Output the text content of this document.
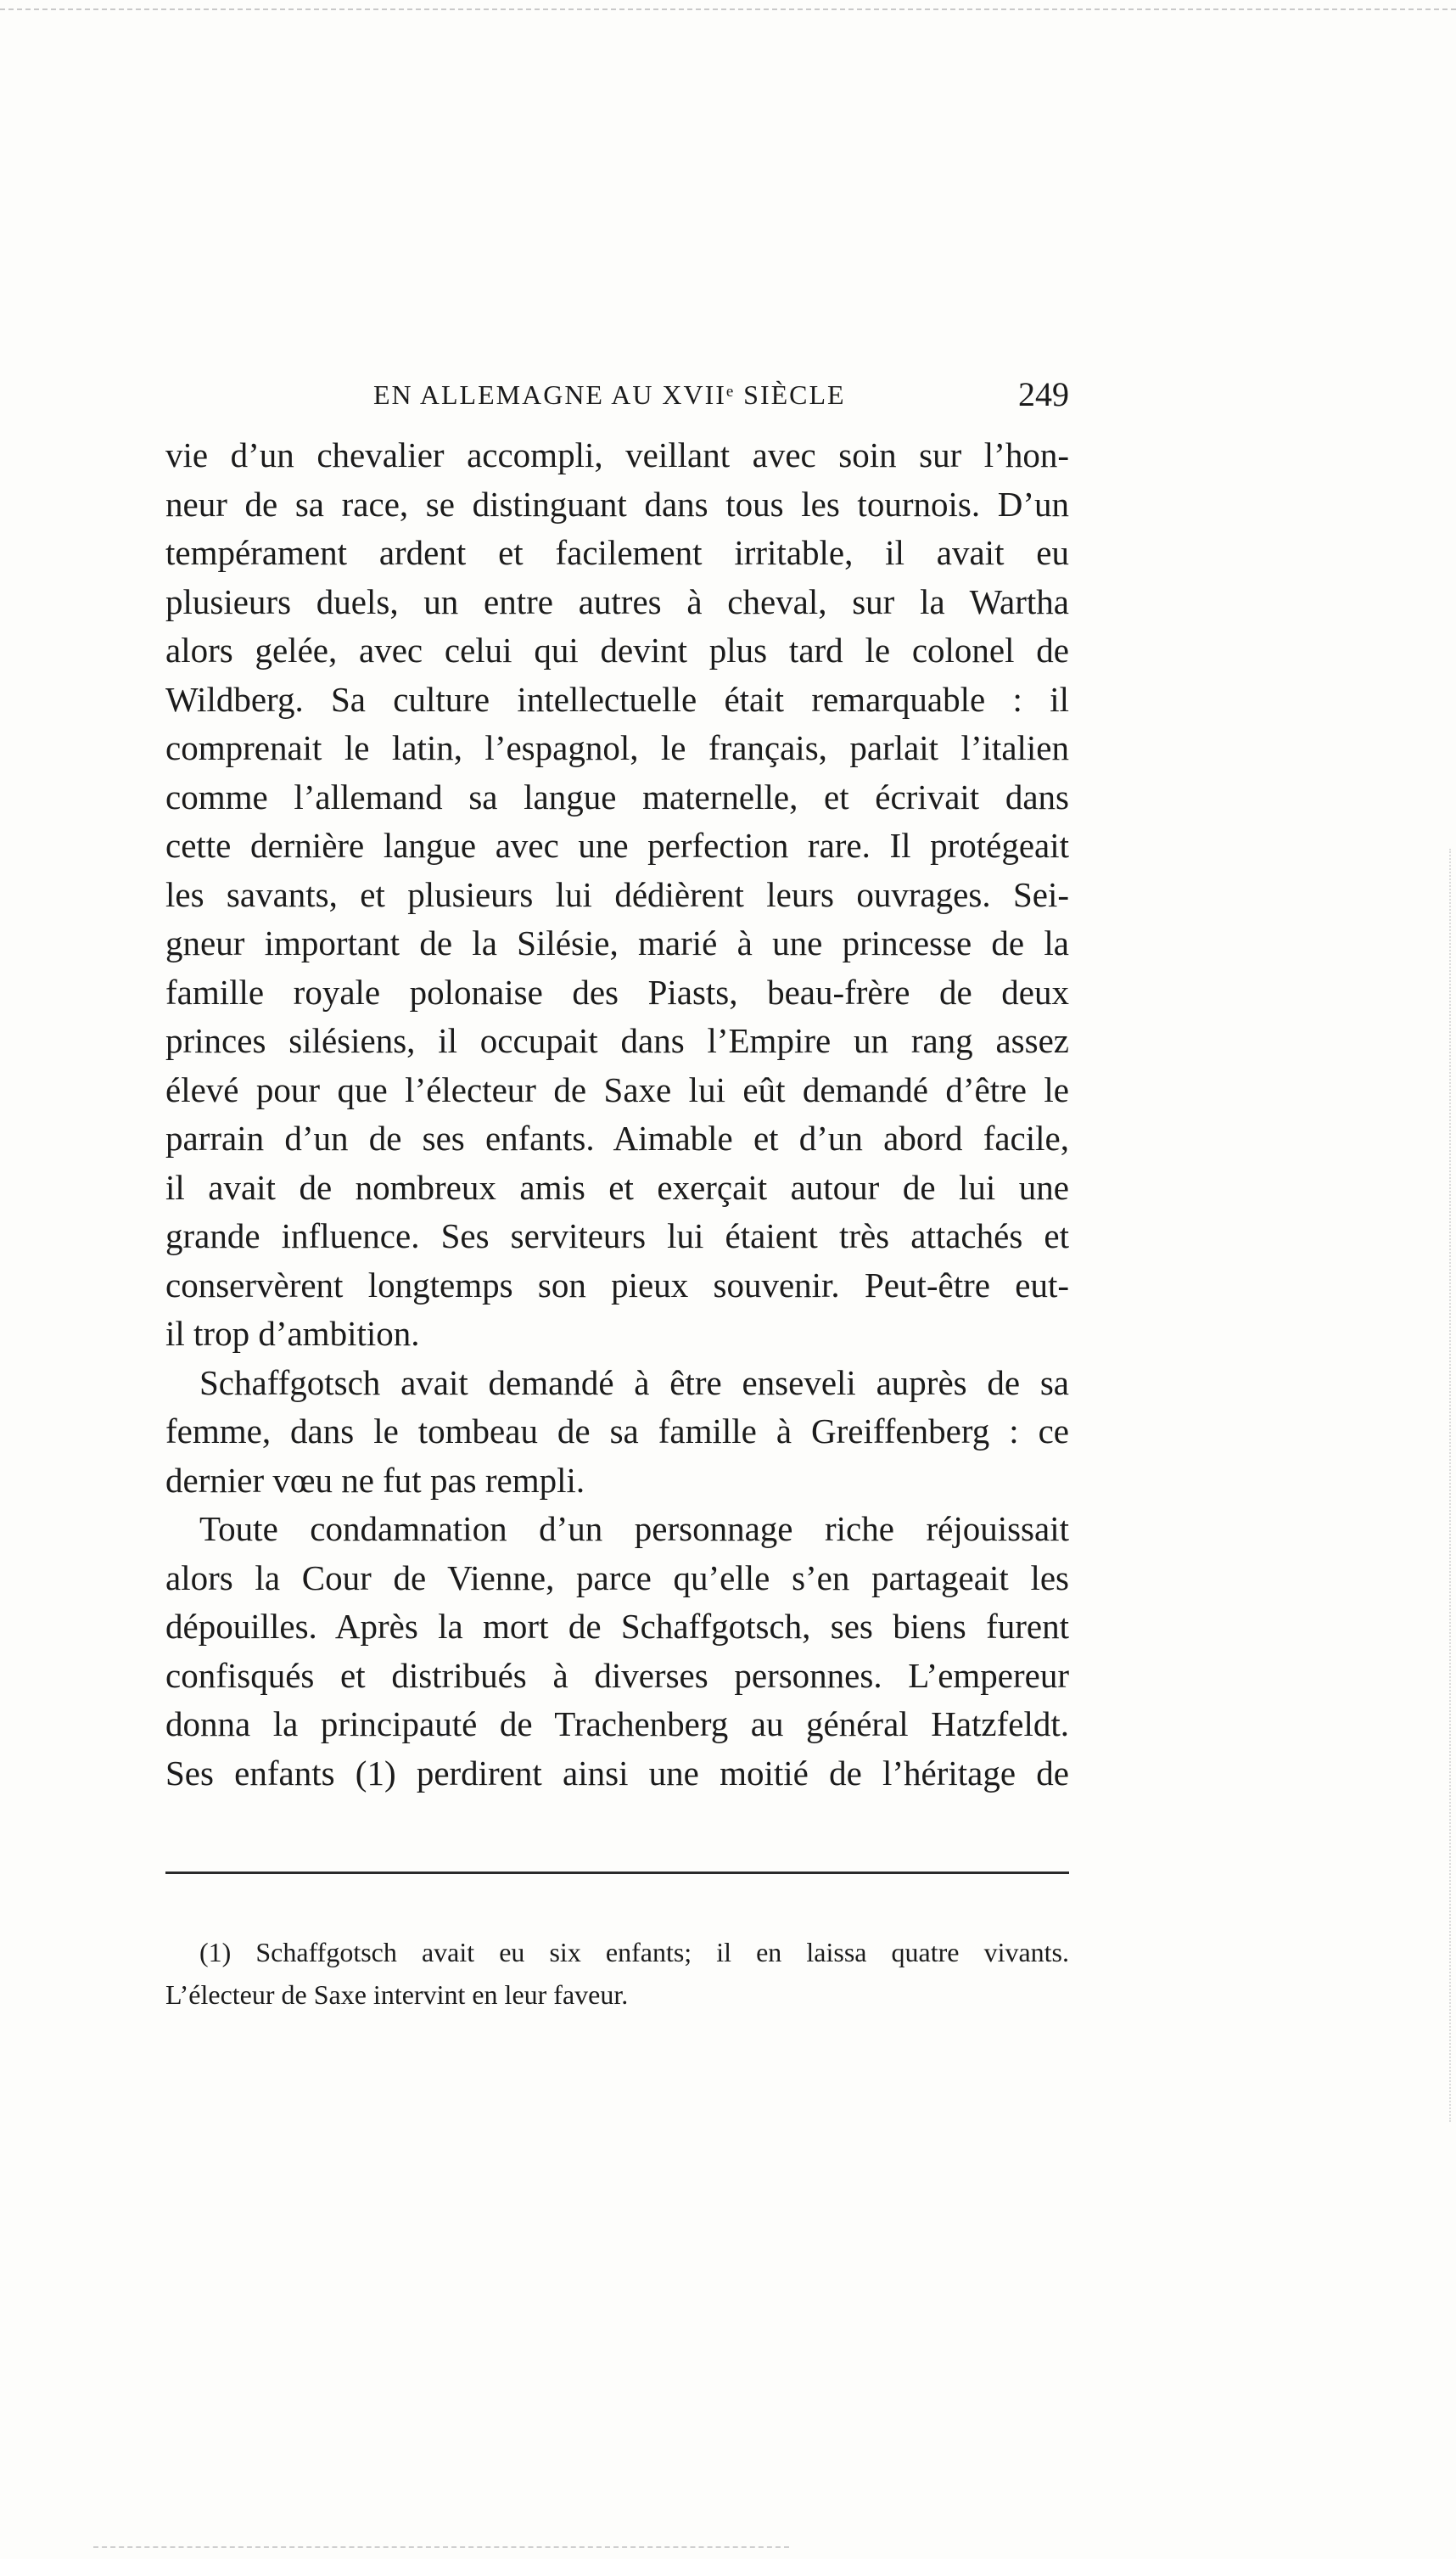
EN ALLEMAGNE AU XVIIᵉ SIÈCLE	249
vie d’un chevalier accompli, veillant avec soin sur l’hon-
neur de sa race, se distinguant dans tous les tournois. D’un
tempérament ardent et facilement irritable, il avait eu
plusieurs duels, un entre autres à cheval, sur la Wartha
alors gelée, avec celui qui devint plus tard le colonel de
Wildberg. Sa culture intellectuelle était remarquable : il
comprenait le latin, l’espagnol, le français, parlait l’italien
comme l’allemand sa langue maternelle, et écrivait dans
cette dernière langue avec une perfection rare. Il protégeait
les savants, et plusieurs lui dédièrent leurs ouvrages. Sei-
gneur important de la Silésie, marié à une princesse de la
famille royale polonaise des Piasts, beau-frère de deux
princes silésiens, il occupait dans l’Empire un rang assez
élevé pour que l’électeur de Saxe lui eût demandé d’être le
parrain d’un de ses enfants. Aimable et d’un abord facile,
il avait de nombreux amis et exerçait autour de lui une
grande influence. Ses serviteurs lui étaient très attachés et
conservèrent longtemps son pieux souvenir. Peut-être eut-
il trop d’ambition.
Schaffgotsch avait demandé à être enseveli auprès de sa
femme, dans le tombeau de sa famille à Greiffenberg : ce
dernier vœu ne fut pas rempli.
Toute condamnation d’un personnage riche réjouissait
alors la Cour de Vienne, parce qu’elle s’en partageait les
dépouilles. Après la mort de Schaffgotsch, ses biens furent
confisqués et distribués à diverses personnes. L’empereur
donna la principauté de Trachenberg au général Hatzfeldt.
Ses enfants (1) perdirent ainsi une moitié de l’héritage de
(1) Schaffgotsch avait eu six enfants; il en laissa quatre vivants.
L’électeur de Saxe intervint en leur faveur.
